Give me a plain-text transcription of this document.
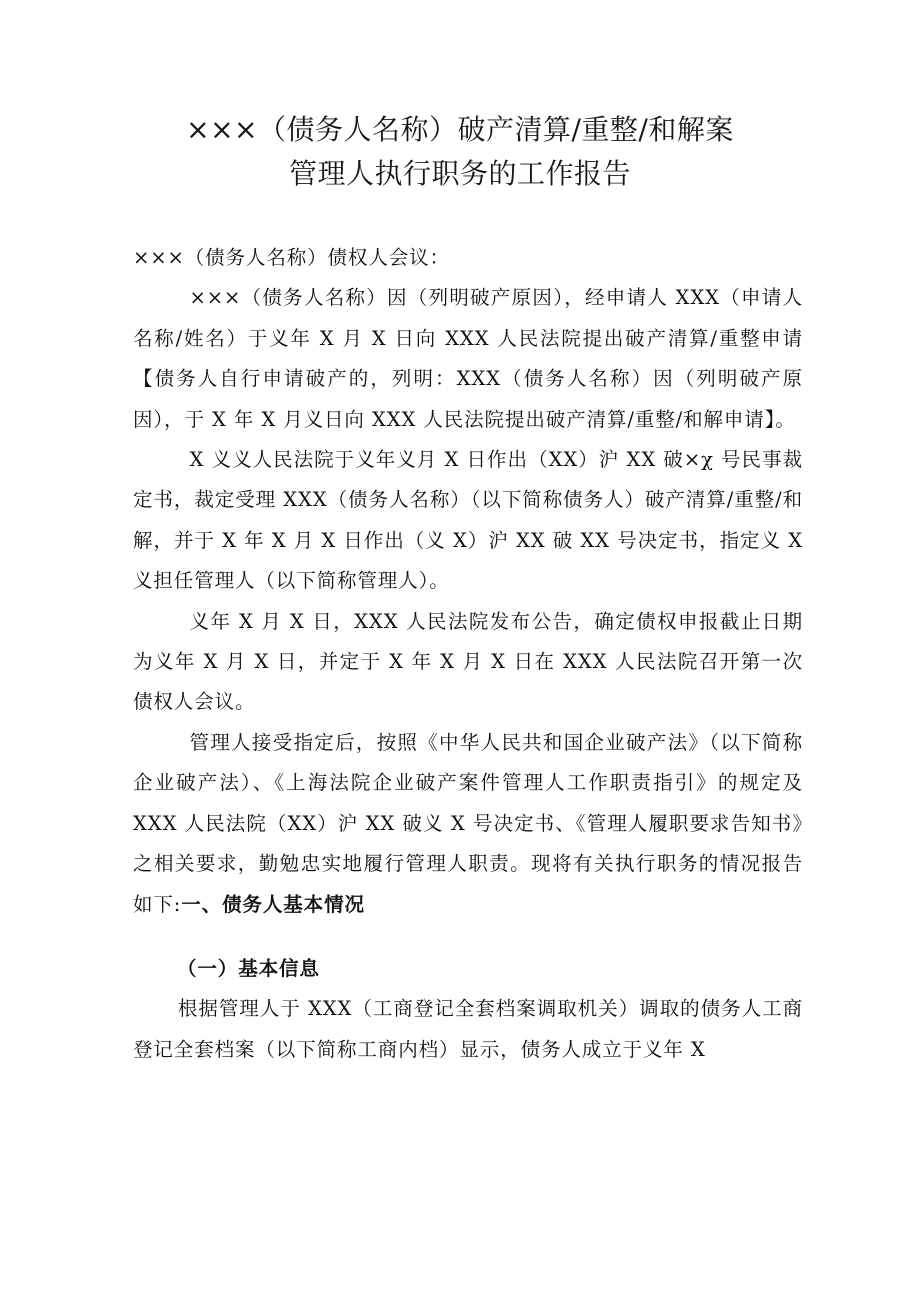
×××（债务人名称）破产清算/重整/和解案
管理人执行职务的工作报告

×××（债务人名称）债权人会议：

×××（债务人名称）因（列明破产原因），经申请人 XXX（申请人名称/姓名）于义年 X 月 X 日向 XXX 人民法院提出破产清算/重整申请【债务人自行申请破产的，列明：XXX（债务人名称）因（列明破产原因），于 X 年 X 月义日向 XXX 人民法院提出破产清算/重整/和解申请】。

X 义义人民法院于义年义月 X 日作出（XX）沪 XX 破×χ 号民事裁定书，裁定受理 XXX（债务人名称）（以下简称债务人）破产清算/重整/和解，并于 X 年 X 月 X 日作出（义 X）沪 XX 破 XX 号决定书，指定义 X 义担任管理人（以下简称管理人）。

义年 X 月 X 日，XXX 人民法院发布公告，确定债权申报截止日期为义年 X 月 X 日，并定于 X 年 X 月 X 日在 XXX 人民法院召开第一次债权人会议。

管理人接受指定后，按照《中华人民共和国企业破产法》（以下简称企业破产法）、《上海法院企业破产案件管理人工作职责指引》的规定及 XXX 人民法院（XX）沪 XX 破义 X 号决定书、《管理人履职要求告知书》之相关要求，勤勉忠实地履行管理人职责。现将有关执行职务的情况报告如下:一、债务人基本情况

（一）基本信息

根据管理人于 XXX（工商登记全套档案调取机关）调取的债务人工商登记全套档案（以下简称工商内档）显示，债务人成立于义年 X
